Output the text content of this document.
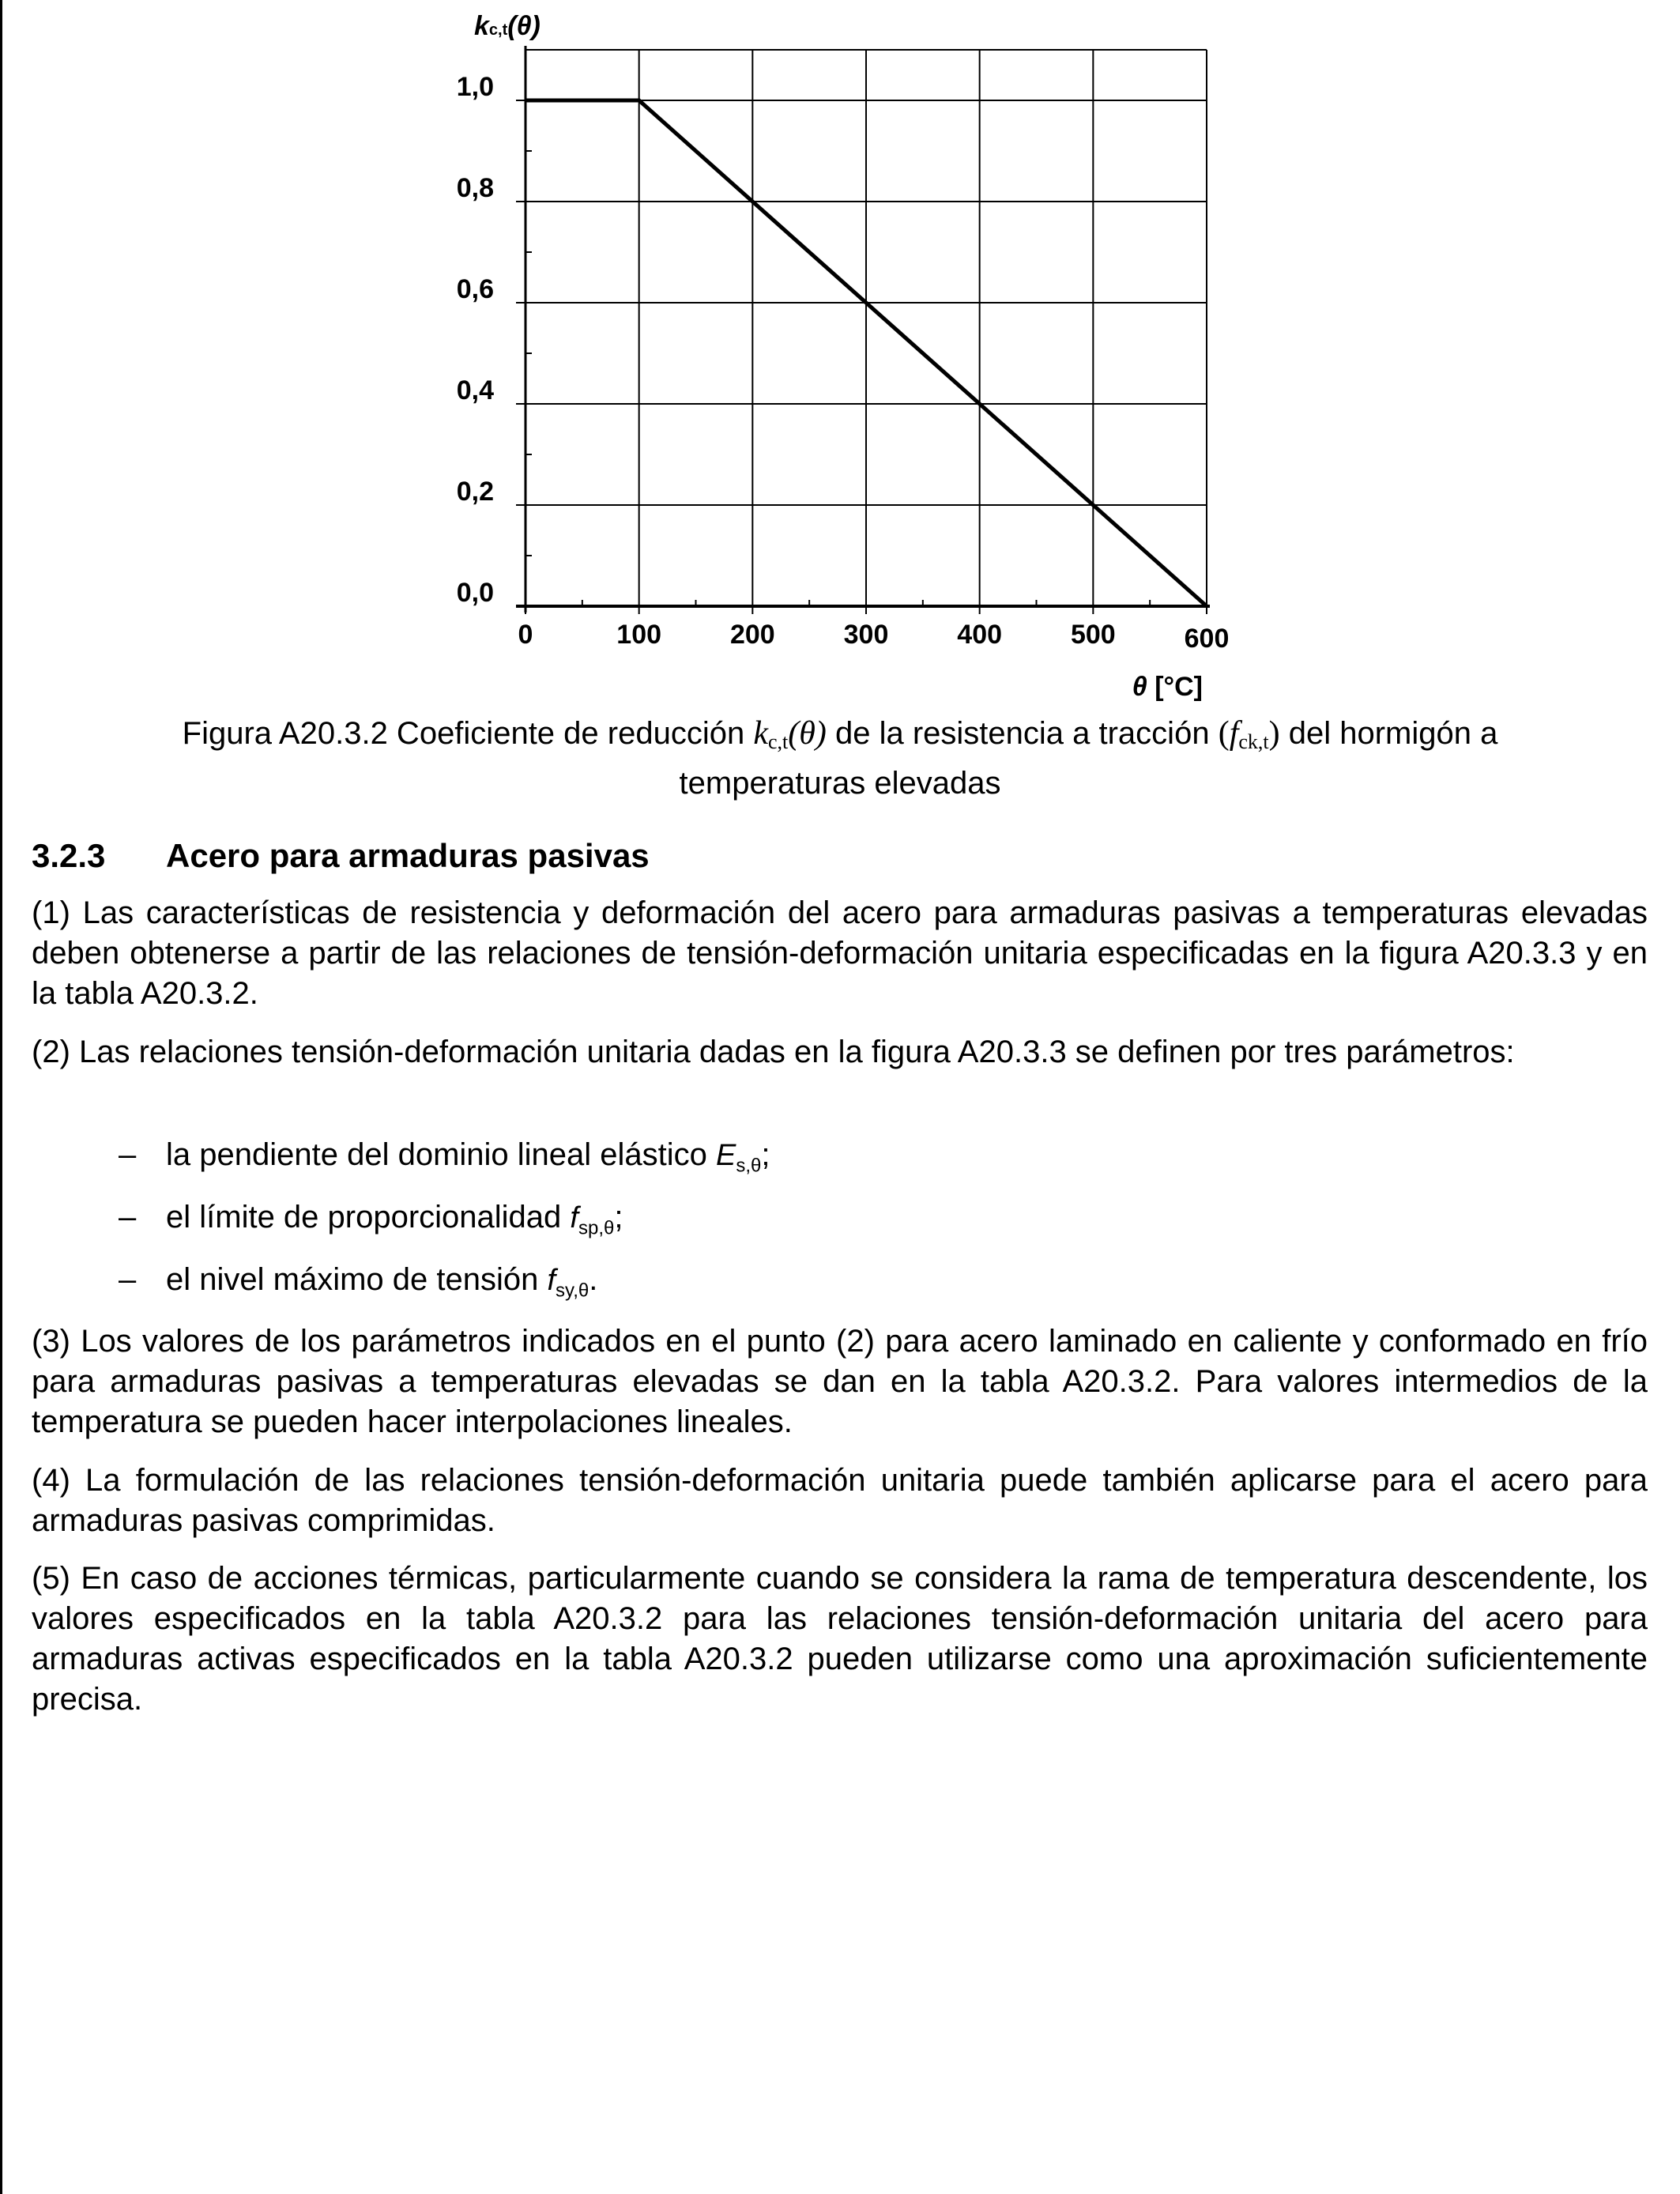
0,0
0,2
0,4
0,6
0,8
1,0
0	100	200	300	400	500	600
kc,t(θ)
θ [°C]
Figura A20.3.2 Coeficiente de reducción kc,t(θ) de la resistencia a tracción (fck,t) del hormigón a
temperaturas elevadas
3.2.3 Acero para armaduras pasivas
(1) Las características de resistencia y deformación del acero para armaduras pasivas a temperaturas elevadas deben obtenerse a partir de las relaciones de tensión-deformación unitaria especificadas en la figura A20.3.3 y en la tabla A20.3.2.
(2) Las relaciones tensión-deformación unitaria dadas en la figura A20.3.3 se definen por tres parámetros:
– la pendiente del dominio lineal elástico $E_{s,\theta}$;
– el límite de proporcionalidad $f_{sp,\theta}$;
– el nivel máximo de tensión $f_{sy,\theta}$.
(3) Los valores de los parámetros indicados en el punto (2) para acero laminado en caliente y conformado en frío para armaduras pasivas a temperaturas elevadas se dan en la tabla A20.3.2. Para valores intermedios de la temperatura se pueden hacer interpolaciones lineales.
(4) La formulación de las relaciones tensión-deformación unitaria puede también aplicarse para el acero para armaduras pasivas comprimidas.
(5) En caso de acciones térmicas, particularmente cuando se considera la rama de temperatura descendente, los valores especificados en la tabla A20.3.2 para las relaciones tensión-deformación unitaria del acero para armaduras activas especificados en la tabla A20.3.2 pueden utilizarse como una aproximación suficientemente precisa.
